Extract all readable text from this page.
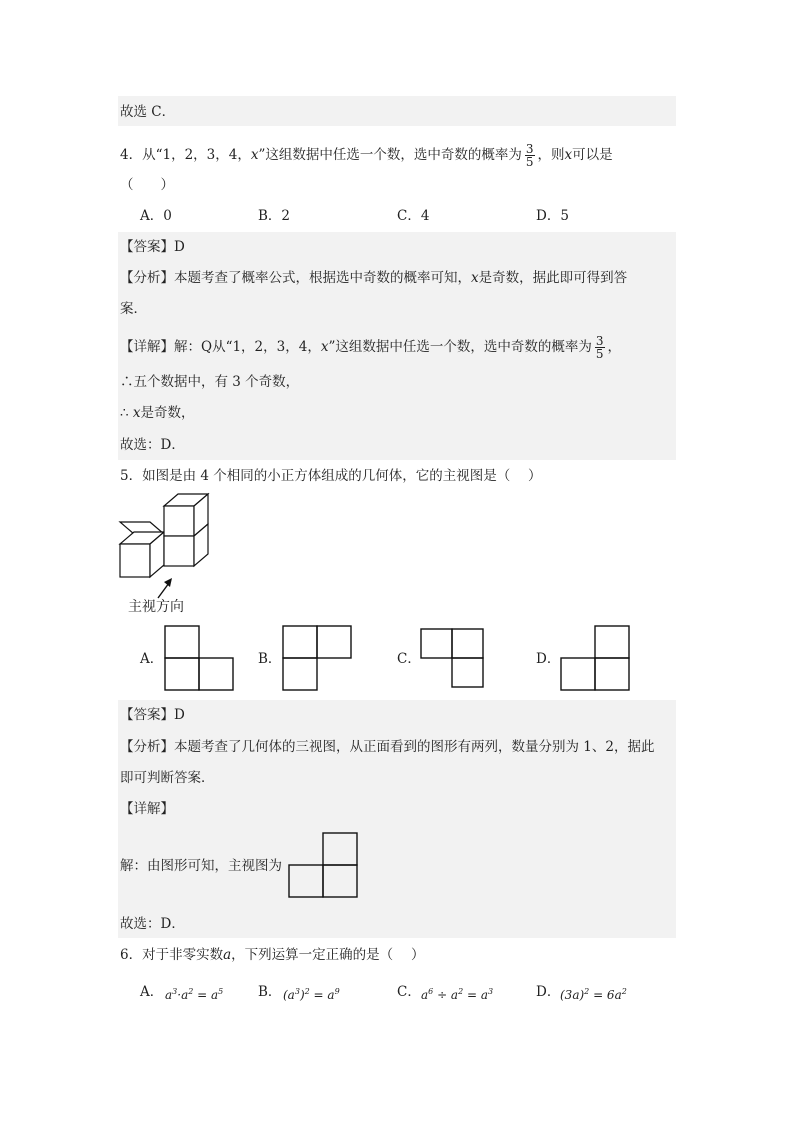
故选 C．
4．从“1，2，3，4，x”这组数据中任选一个数，选中奇数的概率为 $\frac{3}{5}$ ，则x可以是
（　　）
A．0	B．2	C．4	D．5
【答案】D
【分析】本题考查了概率公式，根据选中奇数的概率可知，x是奇数，据此即可得到答
案．
【详解】解：Q从“1，2，3，4，x”这组数据中任选一个数，选中奇数的概率为 $\frac{3}{5}$ ，
∴五个数据中，有 3 个奇数，
∴ x是奇数，
故选：D．
5．如图是由 4 个相同的小正方体组成的几何体，它的主视图是（　 ）
主视方向
A．	B．	C．	D．
【答案】D
【分析】本题考查了几何体的三视图，从正面看到的图形有两列，数量分别为 1、2，据此
即可判断答案．
【详解】
解：由图形可知，主视图为
故选：D．
6．对于非零实数a，下列运算一定正确的是（　 ）
A． $a^3\cdot a^2 = a^5$	B． $(a^3)^2 = a^9$	C． $a^6 \div a^2 = a^3$	D． $(3a)^2 = 6a^2$
